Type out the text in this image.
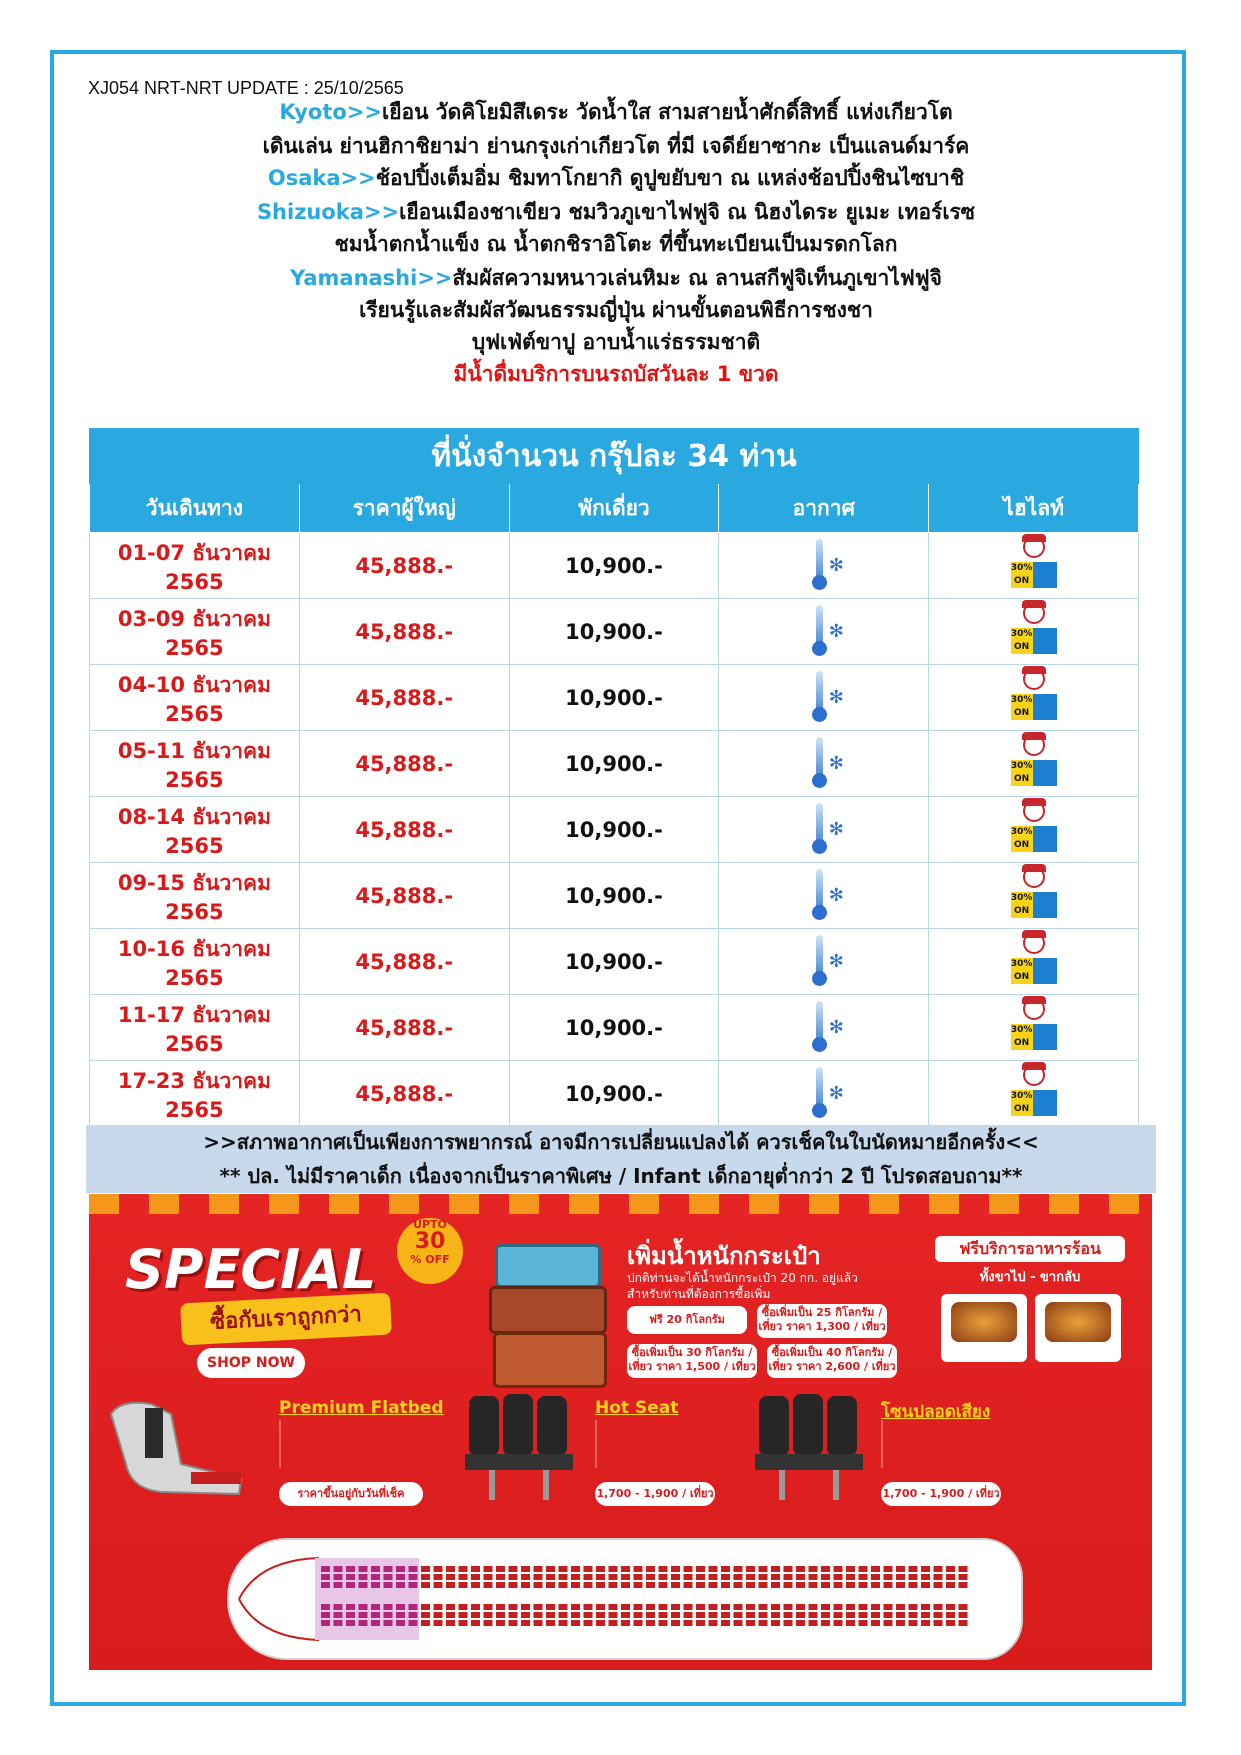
XJ054 NRT-NRT UPDATE : 25/10/2565
Kyoto>>เยือน วัดคิโยมิสึเดระ วัดน้ำใส สามสายน้ำศักดิ์สิทธิ์ แห่งเกียวโต
เดินเล่น ย่านฮิกาชิยาม่า ย่านกรุงเก่าเกียวโต ที่มี เจดีย์ยาซากะ เป็นแลนด์มาร์ค
Osaka>>ช้อปปิ้งเต็มอิ่ม ชิมทาโกยากิ ดูปูขยับขา ณ แหล่งช้อปปิ้งชินไซบาชิ
Shizuoka>>เยือนเมืองชาเขียว ชมวิวภูเขาไฟฟูจิ ณ นิฮงไดระ ยูเมะ เทอร์เรซ
ชมน้ำตกน้ำแข็ง ณ น้ำตกชิราอิโตะ ที่ขึ้นทะเบียนเป็นมรดกโลก
Yamanashi>>สัมผัสความหนาวเล่นหิมะ ณ ลานสกีฟูจิเท็นภูเขาไฟฟูจิ
เรียนรู้และสัมผัสวัฒนธรรมญี่ปุ่น ผ่านขั้นตอนพิธีการชงชา
บุฟเฟ่ต์ขาปู อาบน้ำแร่ธรรมชาติ
มีน้ำดื่มบริการบนรถบัสวันละ 1 ขวด
ที่นั่งจำนวน กรุ๊ปละ 34 ท่าน				
วันเดินทาง	ราคาผู้ใหญ่	พักเดี่ยว	อากาศ	ไฮไลท์
01-07 ธันวาคม 2565	45,888.-	10,900.-	✻	30%
ON

03-09 ธันวาคม 2565	45,888.-	10,900.-	✻	30%
ON

04-10 ธันวาคม 2565	45,888.-	10,900.-	✻	30%
ON

05-11 ธันวาคม 2565	45,888.-	10,900.-	✻	30%
ON

08-14 ธันวาคม 2565	45,888.-	10,900.-	✻	30%
ON

09-15 ธันวาคม 2565	45,888.-	10,900.-	✻	30%
ON

10-16 ธันวาคม 2565	45,888.-	10,900.-	✻	30%
ON

11-17 ธันวาคม 2565	45,888.-	10,900.-	✻	30%
ON

17-23 ธันวาคม 2565	45,888.-	10,900.-	✻	30%
ON
>>สภาพอากาศเป็นเพียงการพยากรณ์ อาจมีการเปลี่ยนแปลงได้ ควรเช็คในใบนัดหมายอีกครั้ง<<
** ปล. ไม่มีราคาเด็ก เนื่องจากเป็นราคาพิเศษ / Infant เด็กอายุต่ำกว่า 2 ปี โปรดสอบถาม**
SPECIAL
UPTO
30
% OFF
ซื้อกับเราถูกกว่า
SHOP NOW
เพิ่มน้ำหนักกระเป๋า
ปกติท่านจะได้น้ำหนักกระเป๋า 20 กก. อยู่แล้ว สำหรับท่านที่ต้องการซื้อเพิ่ม
ฟรี 20 กิโลกรัม
ซื้อเพิ่มเป็น 25 กิโลกรัม / เที่ยว ราคา 1,300 / เที่ยว
ซื้อเพิ่มเป็น 30 กิโลกรัม / เที่ยว ราคา 1,500 / เที่ยว
ซื้อเพิ่มเป็น 40 กิโลกรัม / เที่ยว ราคา 2,600 / เที่ยว
ฟรีบริการอาหารร้อน
ทั้งขาไป - ขากลับ
Premium Flatbed
ราคาขึ้นอยู่กับวันที่เช็ค
Hot Seat
1,700 - 1,900 / เที่ยว
โซนปลอดเสียง
1,700 - 1,900 / เที่ยว
